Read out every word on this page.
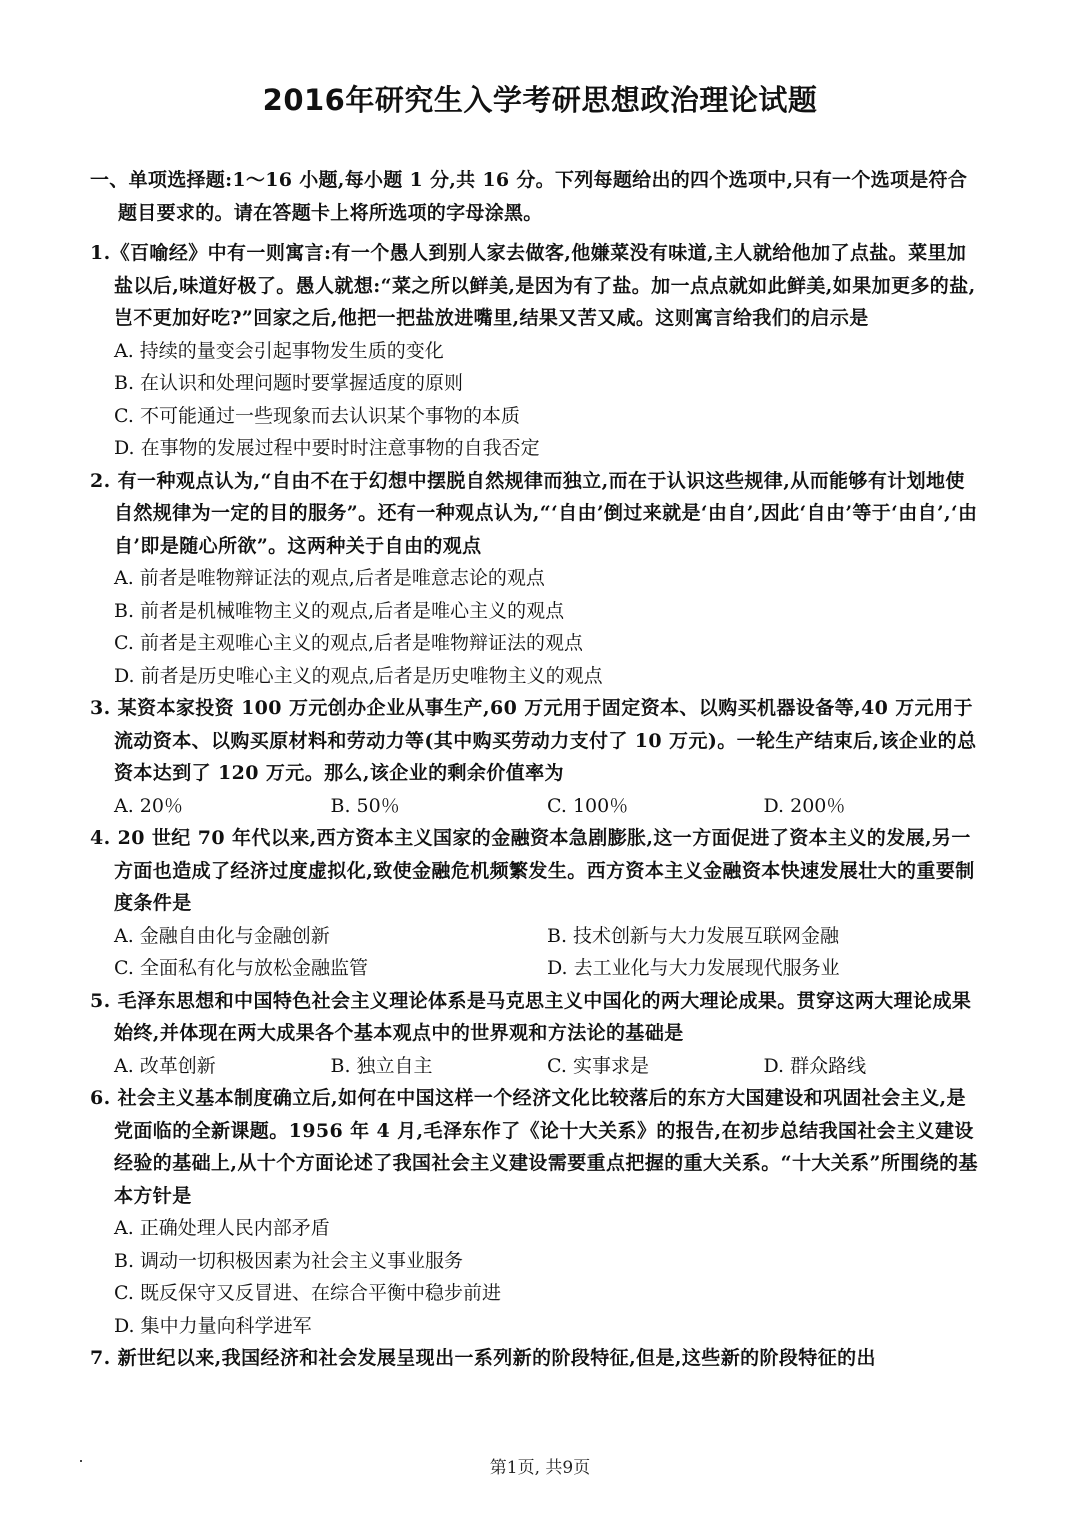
2016年研究生入学考研思想政治理论试题

一、单项选择题:1～16 小题,每小题 1 分,共 16 分。下列每题给出的四个选项中,只有一个选项是符合题目要求的。请在答题卡上将所选项的字母涂黑。

1.《百喻经》中有一则寓言:有一个愚人到别人家去做客,他嫌菜没有味道,主人就给他加了点盐。菜里加盐以后,味道好极了。愚人就想:“菜之所以鲜美,是因为有了盐。加一点点就如此鲜美,如果加更多的盐,岂不更加好吃?”回家之后,他把一把盐放进嘴里,结果又苦又咸。这则寓言给我们的启示是

A. 持续的量变会引起事物发生质的变化

B. 在认识和处理问题时要掌握适度的原则

C. 不可能通过一些现象而去认识某个事物的本质

D. 在事物的发展过程中要时时注意事物的自我否定

2. 有一种观点认为,“自由不在于幻想中摆脱自然规律而独立,而在于认识这些规律,从而能够有计划地使自然规律为一定的目的服务”。还有一种观点认为,“‘自由’倒过来就是‘由自’,因此‘自由’等于‘由自’,‘由自’即是随心所欲”。这两种关于自由的观点

A. 前者是唯物辩证法的观点,后者是唯意志论的观点

B. 前者是机械唯物主义的观点,后者是唯心主义的观点

C. 前者是主观唯心主义的观点,后者是唯物辩证法的观点

D. 前者是历史唯心主义的观点,后者是历史唯物主义的观点

3. 某资本家投资 100 万元创办企业从事生产,60 万元用于固定资本、以购买机器设备等,40 万元用于流动资本、以购买原材料和劳动力等(其中购买劳动力支付了 10 万元)。一轮生产结束后,该企业的总资本达到了 120 万元。那么,该企业的剩余价值率为

A. 20％	B. 50％	C. 100％	D. 200％

4. 20 世纪 70 年代以来,西方资本主义国家的金融资本急剧膨胀,这一方面促进了资本主义的发展,另一方面也造成了经济过度虚拟化,致使金融危机频繁发生。西方资本主义金融资本快速发展壮大的重要制度条件是

A. 金融自由化与金融创新	B. 技术创新与大力发展互联网金融
C. 全面私有化与放松金融监管	D. 去工业化与大力发展现代服务业

5. 毛泽东思想和中国特色社会主义理论体系是马克思主义中国化的两大理论成果。贯穿这两大理论成果始终,并体现在两大成果各个基本观点中的世界观和方法论的基础是

A. 改革创新	B. 独立自主	C. 实事求是	D. 群众路线

6. 社会主义基本制度确立后,如何在中国这样一个经济文化比较落后的东方大国建设和巩固社会主义,是党面临的全新课题。1956 年 4 月,毛泽东作了《论十大关系》的报告,在初步总结我国社会主义建设经验的基础上,从十个方面论述了我国社会主义建设需要重点把握的重大关系。“十大关系”所围绕的基本方针是

A. 正确处理人民内部矛盾

B. 调动一切积极因素为社会主义事业服务

C. 既反保守又反冒进、在综合平衡中稳步前进

D. 集中力量向科学进军

7. 新世纪以来,我国经济和社会发展呈现出一系列新的阶段特征,但是,这些新的阶段特征的出

第1页, 共9页
